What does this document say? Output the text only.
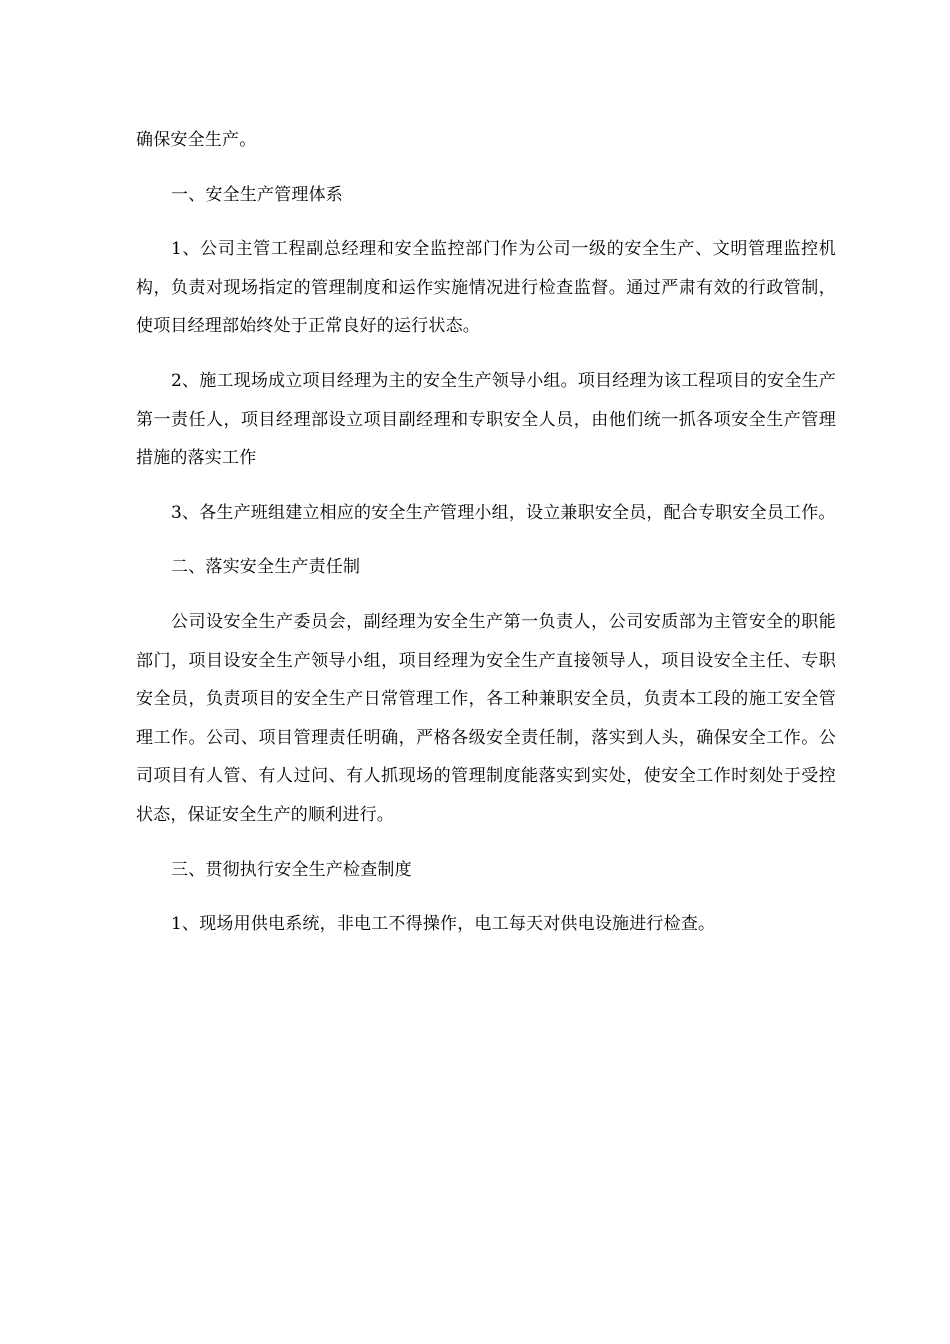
确保安全生产。

一、安全生产管理体系

1、公司主管工程副总经理和安全监控部门作为公司一级的安全生产、文明管理监控机构，负责对现场指定的管理制度和运作实施情况进行检查监督。通过严肃有效的行政管制，使项目经理部始终处于正常良好的运行状态。

2、施工现场成立项目经理为主的安全生产领导小组。项目经理为该工程项目的安全生产第一责任人，项目经理部设立项目副经理和专职安全人员，由他们统一抓各项安全生产管理措施的落实工作

3、各生产班组建立相应的安全生产管理小组，设立兼职安全员，配合专职安全员工作。

二、落实安全生产责任制

公司设安全生产委员会，副经理为安全生产第一负责人，公司安质部为主管安全的职能部门，项目设安全生产领导小组，项目经理为安全生产直接领导人，项目设安全主任、专职安全员，负责项目的安全生产日常管理工作，各工种兼职安全员，负责本工段的施工安全管理工作。公司、项目管理责任明确，严格各级安全责任制，落实到人头，确保安全工作。公司项目有人管、有人过问、有人抓现场的管理制度能落实到实处，使安全工作时刻处于受控状态，保证安全生产的顺利进行。

三、贯彻执行安全生产检查制度

1、现场用供电系统，非电工不得操作，电工每天对供电设施进行检查。
